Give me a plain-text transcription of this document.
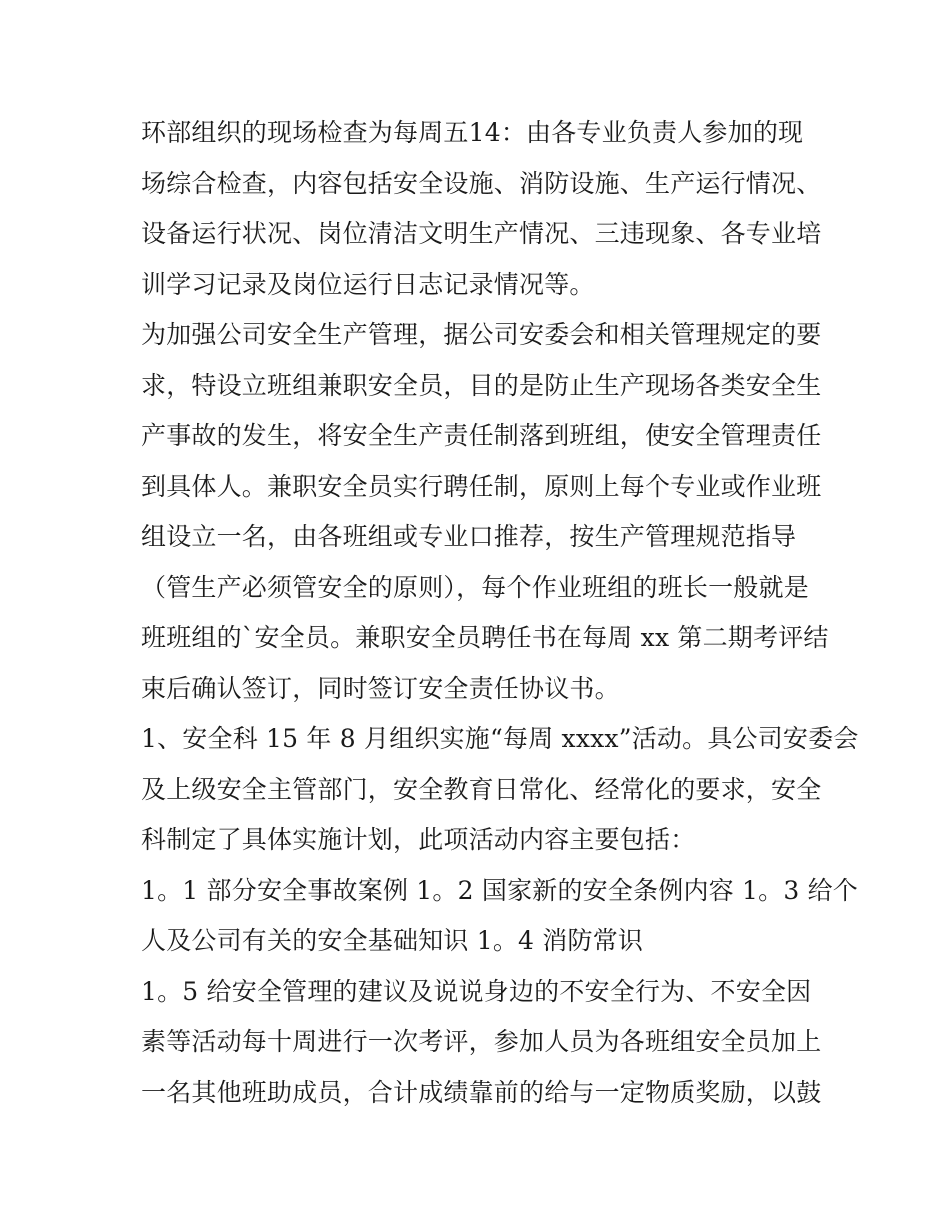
环部组织的现场检查为每周五14：由各专业负责人参加的现
场综合检查，内容包括安全设施、消防设施、生产运行情况、
设备运行状况、岗位清洁文明生产情况、三违现象、各专业培
训学习记录及岗位运行日志记录情况等。
为加强公司安全生产管理，据公司安委会和相关管理规定的要
求，特设立班组兼职安全员，目的是防止生产现场各类安全生
产事故的发生，将安全生产责任制落到班组，使安全管理责任
到具体人。兼职安全员实行聘任制，原则上每个专业或作业班
组设立一名，由各班组或专业口推荐，按生产管理规范指导
（管生产必须管安全的原则），每个作业班组的班长一般就是
班班组的`安全员。兼职安全员聘任书在每周 xx 第二期考评结
束后确认签订，同时签订安全责任协议书。
1、安全科 15 年 8 月组织实施“每周 xxxx”活动。具公司安委会
及上级安全主管部门，安全教育日常化、经常化的要求，安全
科制定了具体实施计划，此项活动内容主要包括：
1。1 部分安全事故案例 1。2 国家新的安全条例内容 1。3 给个
人及公司有关的安全基础知识 1。4 消防常识
1。5 给安全管理的建议及说说身边的不安全行为、不安全因
素等活动每十周进行一次考评，参加人员为各班组安全员加上
一名其他班助成员，合计成绩靠前的给与一定物质奖励，以鼓
